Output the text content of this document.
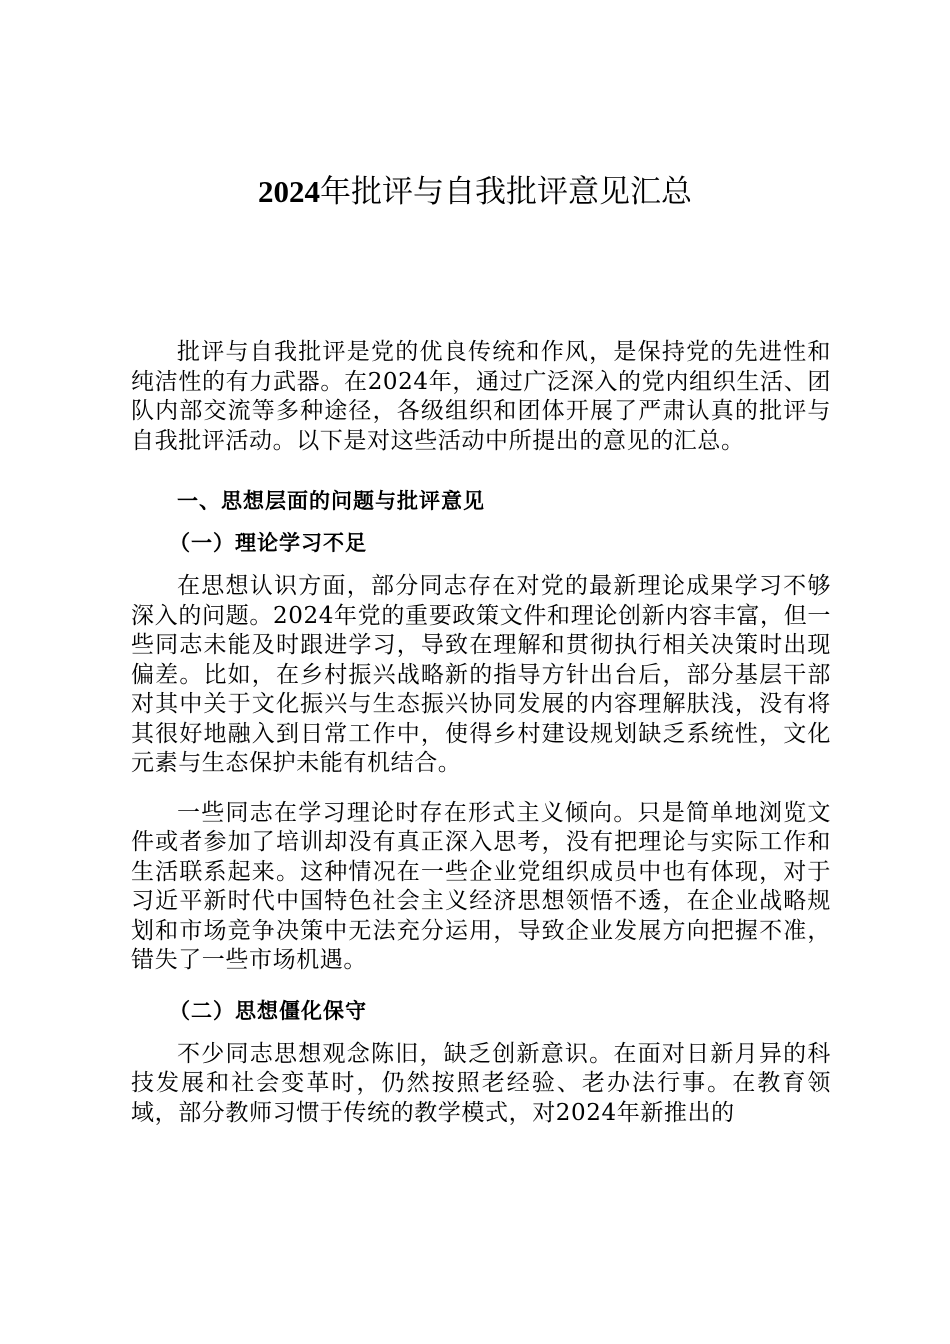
2024年批评与自我批评意见汇总

批评与自我批评是党的优良传统和作风，是保持党的先进性和纯洁性的有力武器。在2024年，通过广泛深入的党内组织生活、团队内部交流等多种途径，各级组织和团体开展了严肃认真的批评与自我批评活动。以下是对这些活动中所提出的意见的汇总。

一、思想层面的问题与批评意见

（一）理论学习不足

在思想认识方面，部分同志存在对党的最新理论成果学习不够深入的问题。2024年党的重要政策文件和理论创新内容丰富，但一些同志未能及时跟进学习，导致在理解和贯彻执行相关决策时出现偏差。比如，在乡村振兴战略新的指导方针出台后，部分基层干部对其中关于文化振兴与生态振兴协同发展的内容理解肤浅，没有将其很好地融入到日常工作中，使得乡村建设规划缺乏系统性，文化元素与生态保护未能有机结合。

一些同志在学习理论时存在形式主义倾向。只是简单地浏览文件或者参加了培训却没有真正深入思考，没有把理论与实际工作和生活联系起来。这种情况在一些企业党组织成员中也有体现，对于习近平新时代中国特色社会主义经济思想领悟不透，在企业战略规划和市场竞争决策中无法充分运用，导致企业发展方向把握不准，错失了一些市场机遇。

（二）思想僵化保守

不少同志思想观念陈旧，缺乏创新意识。在面对日新月异的科技发展和社会变革时，仍然按照老经验、老办法行事。在教育领域，部分教师习惯于传统的教学模式，对2024年新推出的
